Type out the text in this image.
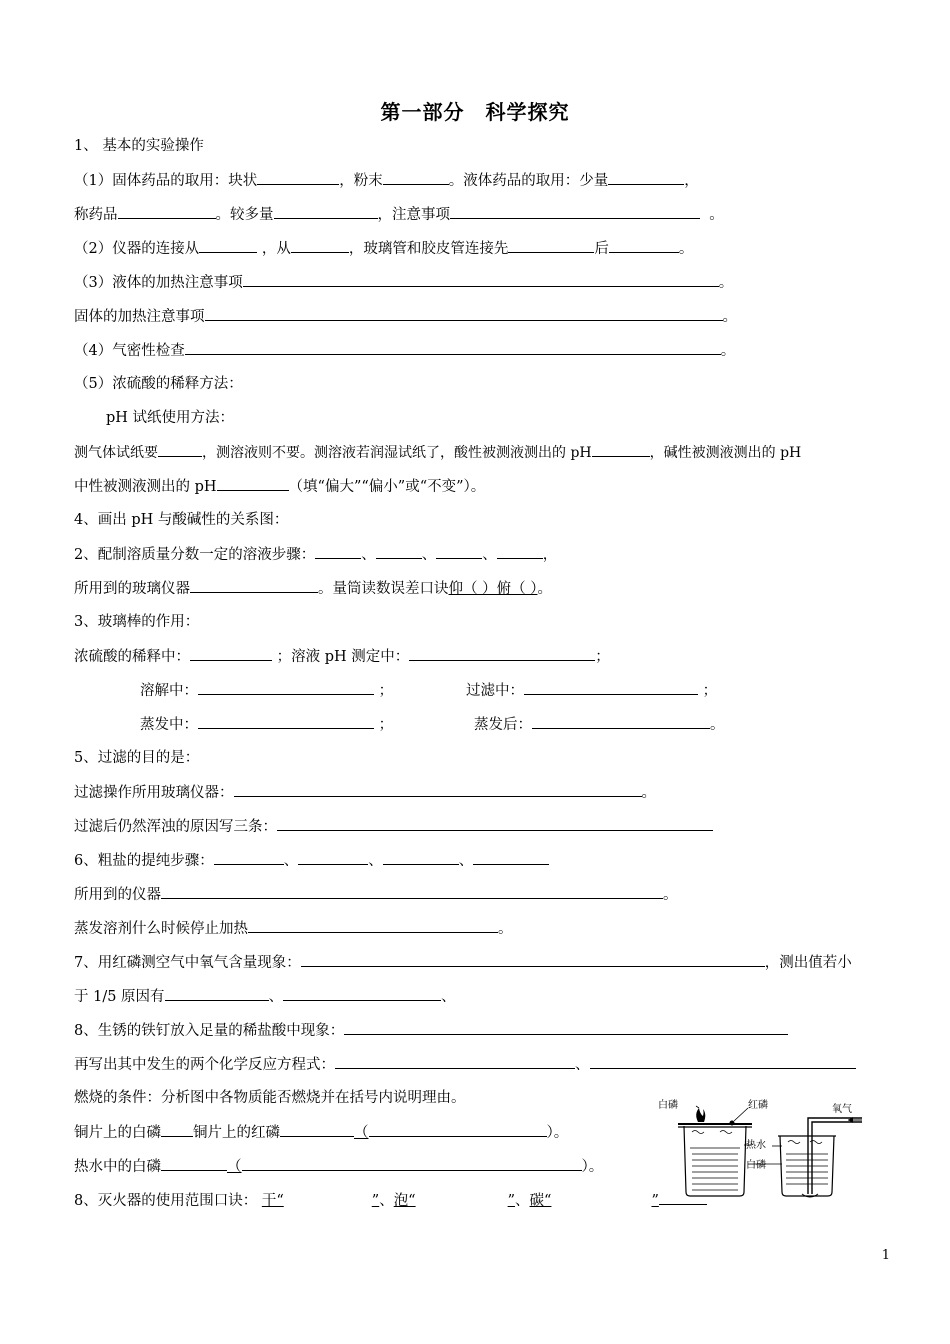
第一部分　科学探究
1、 基本的实验操作
（1）固体药品的取用：块状	，粉末	。液体药品的取用：少量	，
称药品	。较多量	，注意事项	。
（2）仪器的连接从	，从	，玻璃管和胶皮管连接先	后	。
（3）液体的加热注意事项	。
固体的加热注意事项	。
（4）气密性检查	。
（5）浓硫酸的稀释方法：
pH 试纸使用方法：
测气体试纸要	，测溶液则不要。测溶液若润湿试纸了，酸性被测液测出的 pH	，碱性被测液测出的 pH
中性被测液测出的 pH	（填“偏大”“偏小”或“不变”）。
4、画出 pH 与酸碱性的关系图：
2、配制溶质量分数一定的溶液步骤：	、	、	、	，
所用到的玻璃仪器	。量筒读数误差口诀仰（ ）俯（ ）。
3、玻璃棒的作用：
浓硫酸的稀释中：	；溶液 pH 测定中：	；
溶解中：	；	过滤中：	；
蒸发中：	；	蒸发后：	。
5、过滤的目的是：
过滤操作所用玻璃仪器：	。
过滤后仍然浑浊的原因写三条：
6、粗盐的提纯步骤：	、	、	、
所用到的仪器	。
蒸发溶剂什么时候停止加热	。
7、用红磷测空气中氧气含量现象：	，测出值若小
于 1/5 原因有	、	、
8、生锈的铁钉放入足量的稀盐酸中现象：
再写出其中发生的两个化学反应方程式：	、
燃烧的条件：分析图中各物质能否燃烧并在括号内说明理由。
铜片上的白磷 铜片上的红磷	（	）。
热水中的白磷	（	）。
8、灭火器的使用范围口诀： 干“	”、泡“	”、碳“	”
白磷	红磷	氧气
热水
白磷
1
